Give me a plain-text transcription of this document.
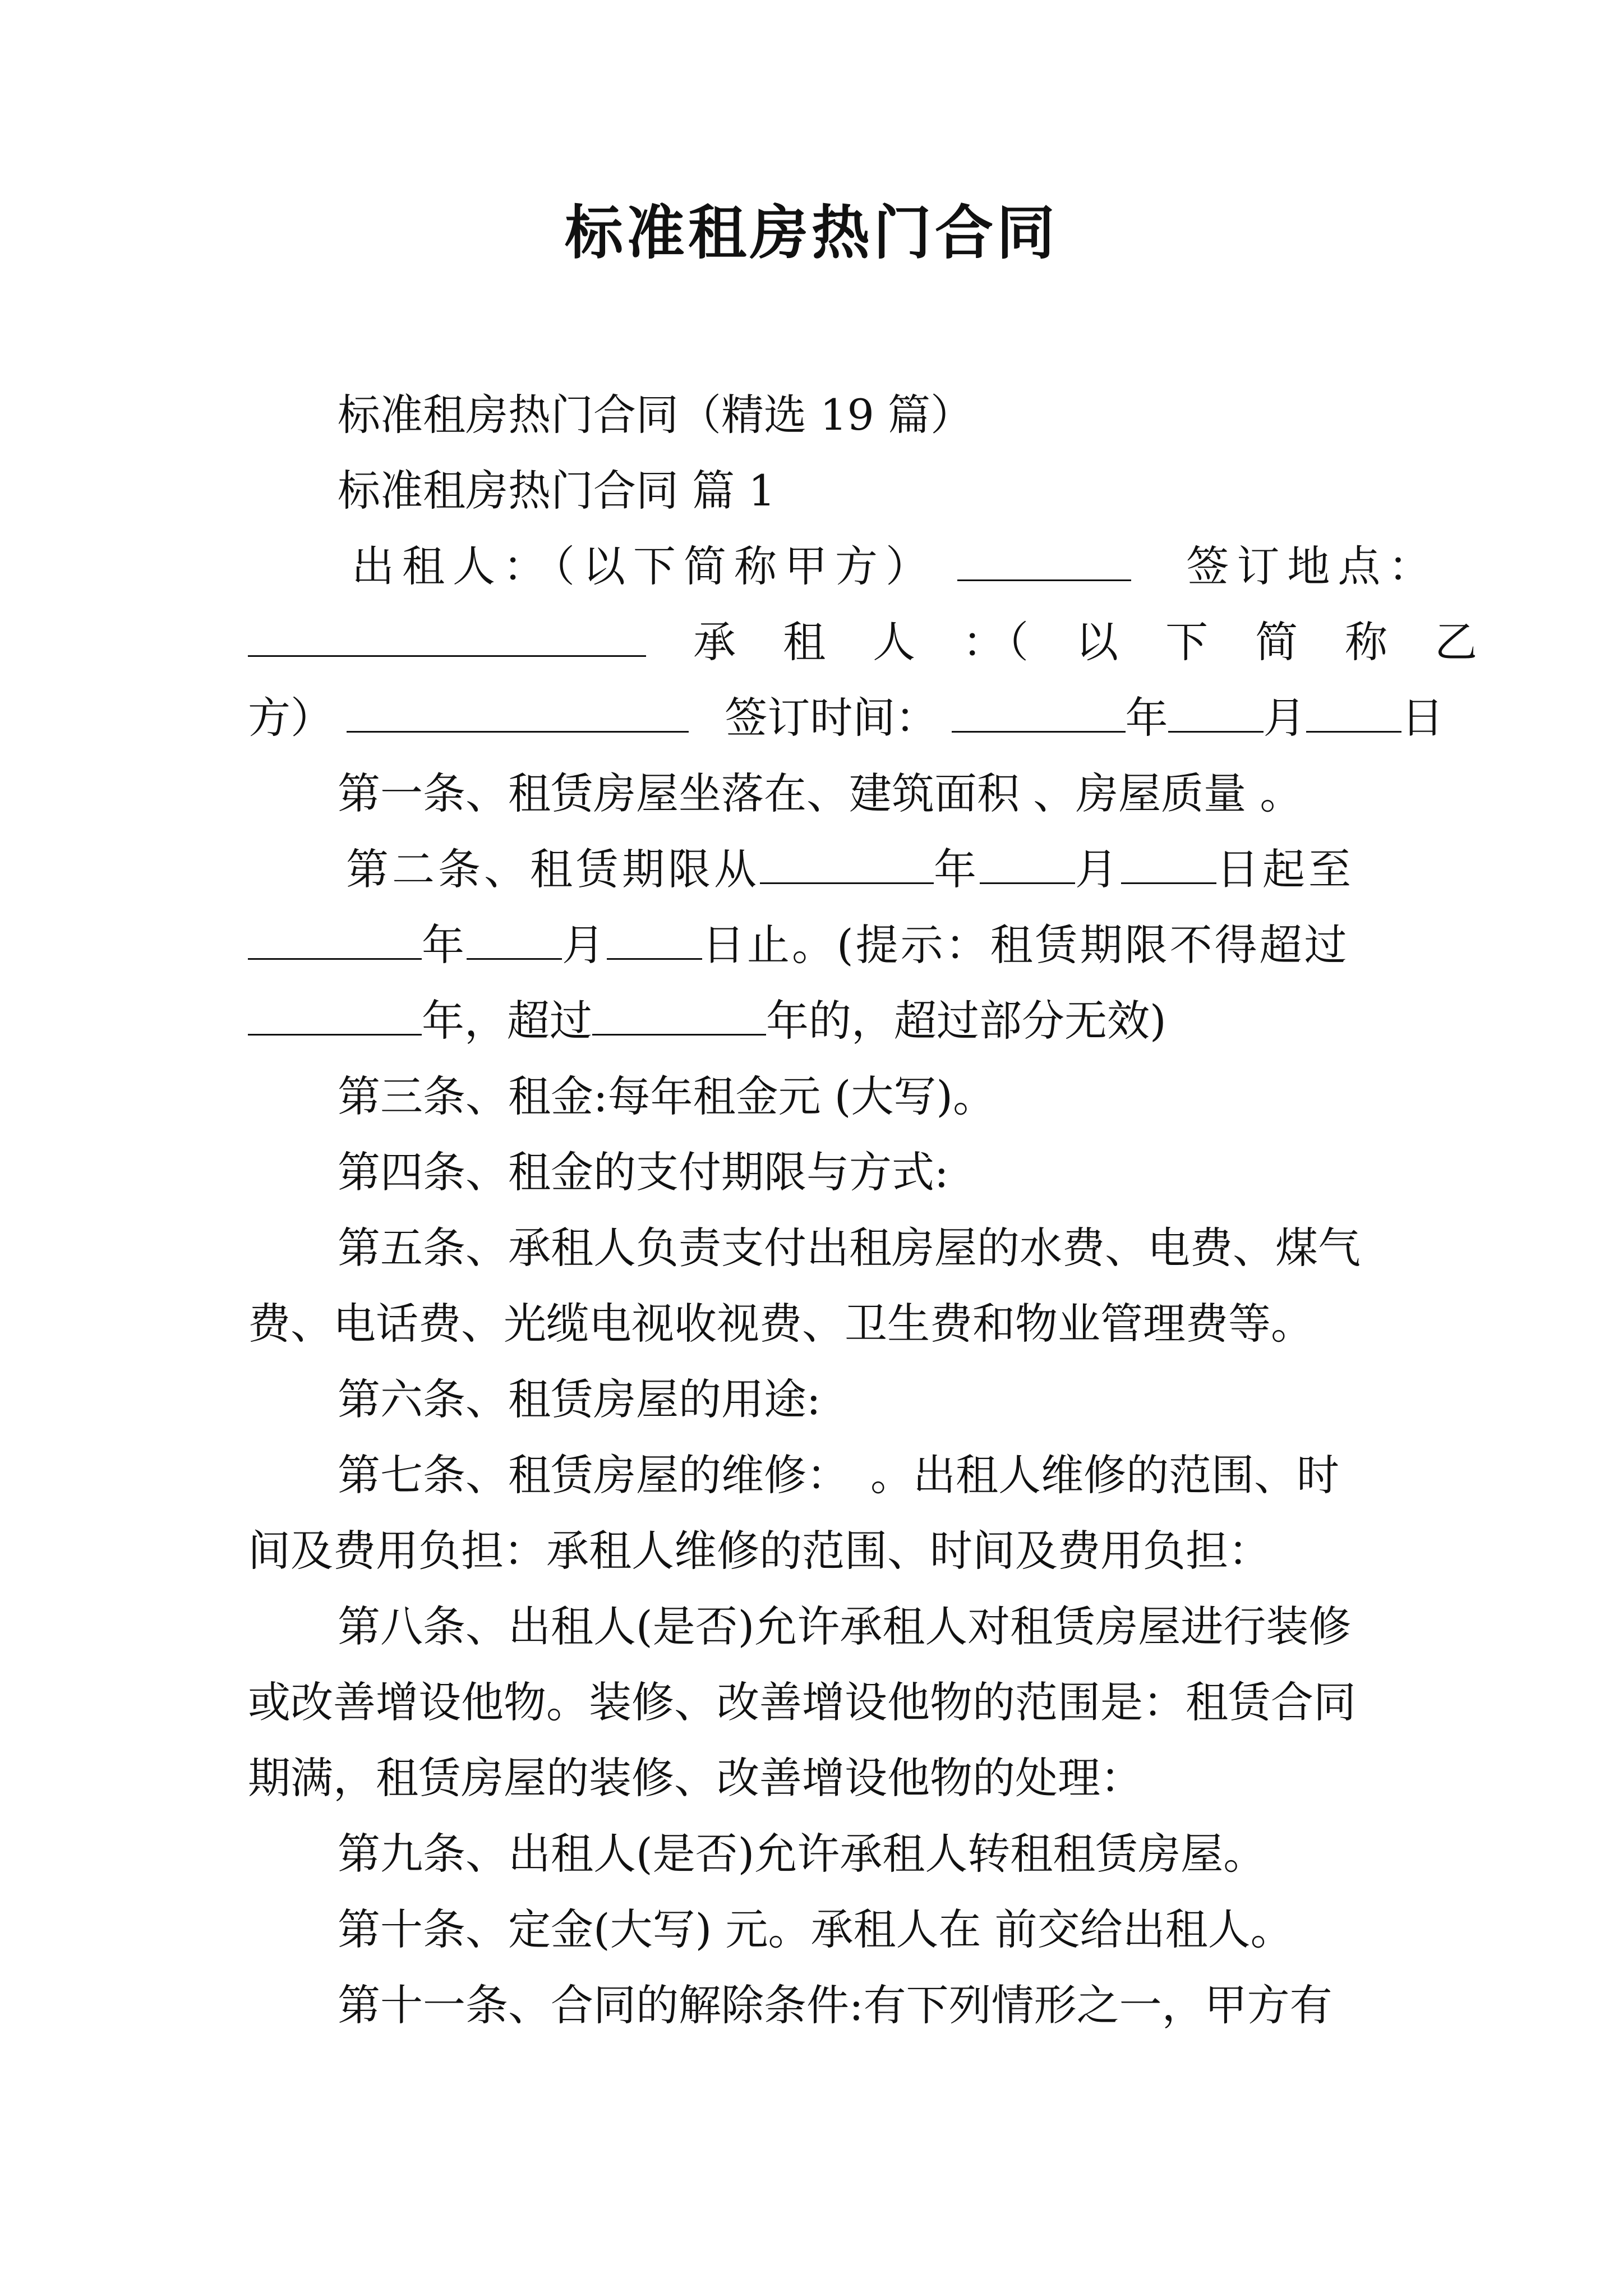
标准租房热门合同
标准租房热门合同（精选 19 篇）
标准租房热门合同 篇 1
出租人：（以下简称甲方）	签订地点：
承　租　人　：（　以　下　简　称　乙
方）	签订时间：	年 月 日
第一条、租赁房屋坐落在、建筑面积 、房屋质量 。
第二条、租赁期限从	年 月 日起至
年 月 日止。(提示：租赁期限不得超过
年，超过	年的，超过部分无效)
第三条、租金:每年租金元 (大写)。
第四条、租金的支付期限与方式:
第五条、承租人负责支付出租房屋的水费、电费、煤气
费、电话费、光缆电视收视费、卫生费和物业管理费等。
第六条、租赁房屋的用途:
第七条、租赁房屋的维修：　。出租人维修的范围、时
间及费用负担：承租人维修的范围、时间及费用负担：
第八条、出租人(是否)允许承租人对租赁房屋进行装修
或改善增设他物。装修、改善增设他物的范围是：租赁合同
期满，租赁房屋的装修、改善增设他物的处理：
第九条、出租人(是否)允许承租人转租租赁房屋。
第十条、定金(大写) 元。承租人在 前交给出租人。
第十一条、合同的解除条件:有下列情形之一，甲方有
